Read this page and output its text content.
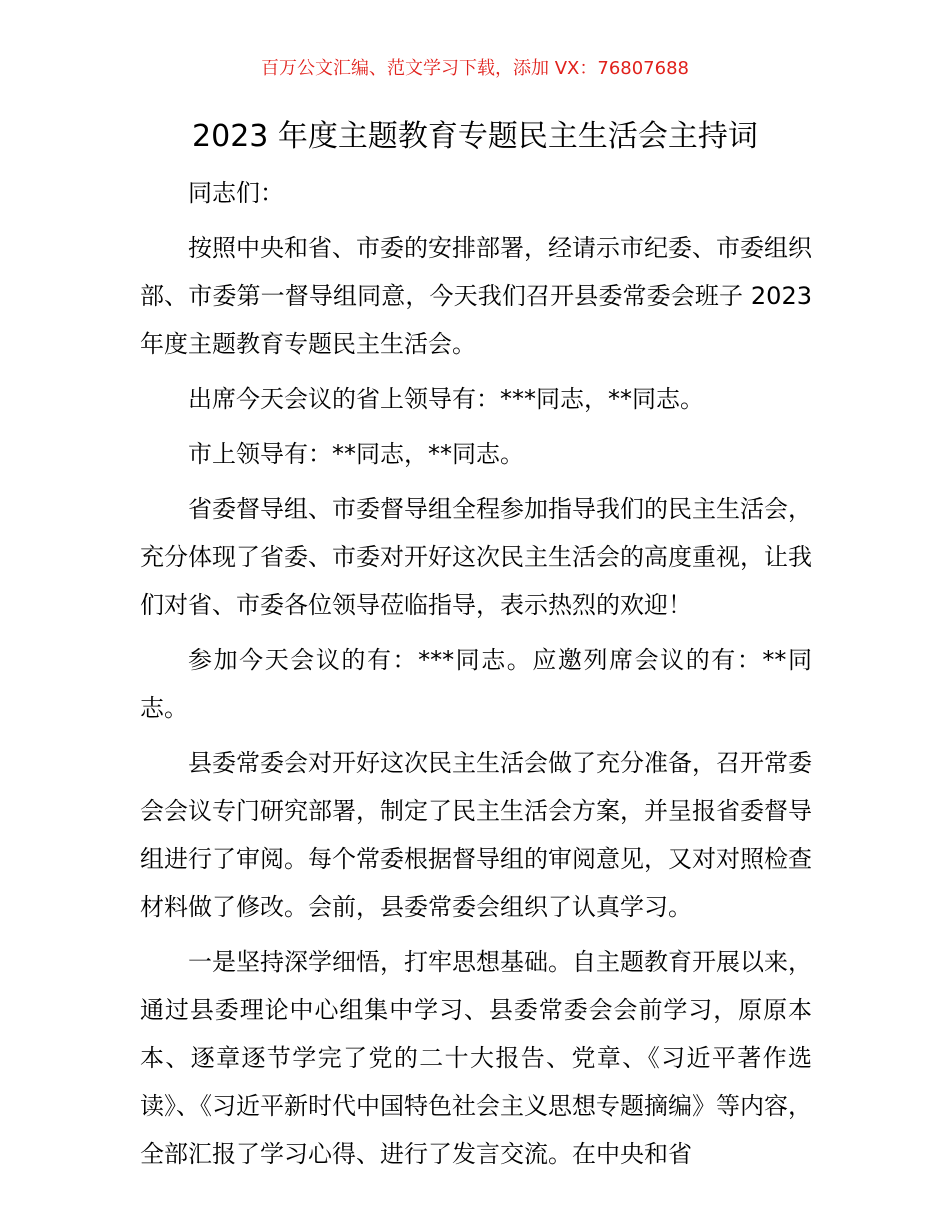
百万公文汇编、范文学习下载，添加 VX：76807688
2023 年度主题教育专题民主生活会主持词

同志们：

按照中央和省、市委的安排部署，经请示市纪委、市委组织部、市委第一督导组同意，今天我们召开县委常委会班子 2023 年度主题教育专题民主生活会。

出席今天会议的省上领导有：***同志，**同志。

市上领导有：**同志，**同志。

省委督导组、市委督导组全程参加指导我们的民主生活会，充分体现了省委、市委对开好这次民主生活会的高度重视，让我们对省、市委各位领导莅临指导，表示热烈的欢迎！

参加今天会议的有：***同志。应邀列席会议的有：**同志。

县委常委会对开好这次民主生活会做了充分准备，召开常委会会议专门研究部署，制定了民主生活会方案，并呈报省委督导组进行了审阅。每个常委根据督导组的审阅意见，又对对照检查材料做了修改。会前，县委常委会组织了认真学习。

一是坚持深学细悟，打牢思想基础。自主题教育开展以来，通过县委理论中心组集中学习、县委常委会会前学习，原原本本、逐章逐节学完了党的二十大报告、党章、《习近平著作选读》、《习近平新时代中国特色社会主义思想专题摘编》等内容，全部汇报了学习心得、进行了发言交流。在中央和省
